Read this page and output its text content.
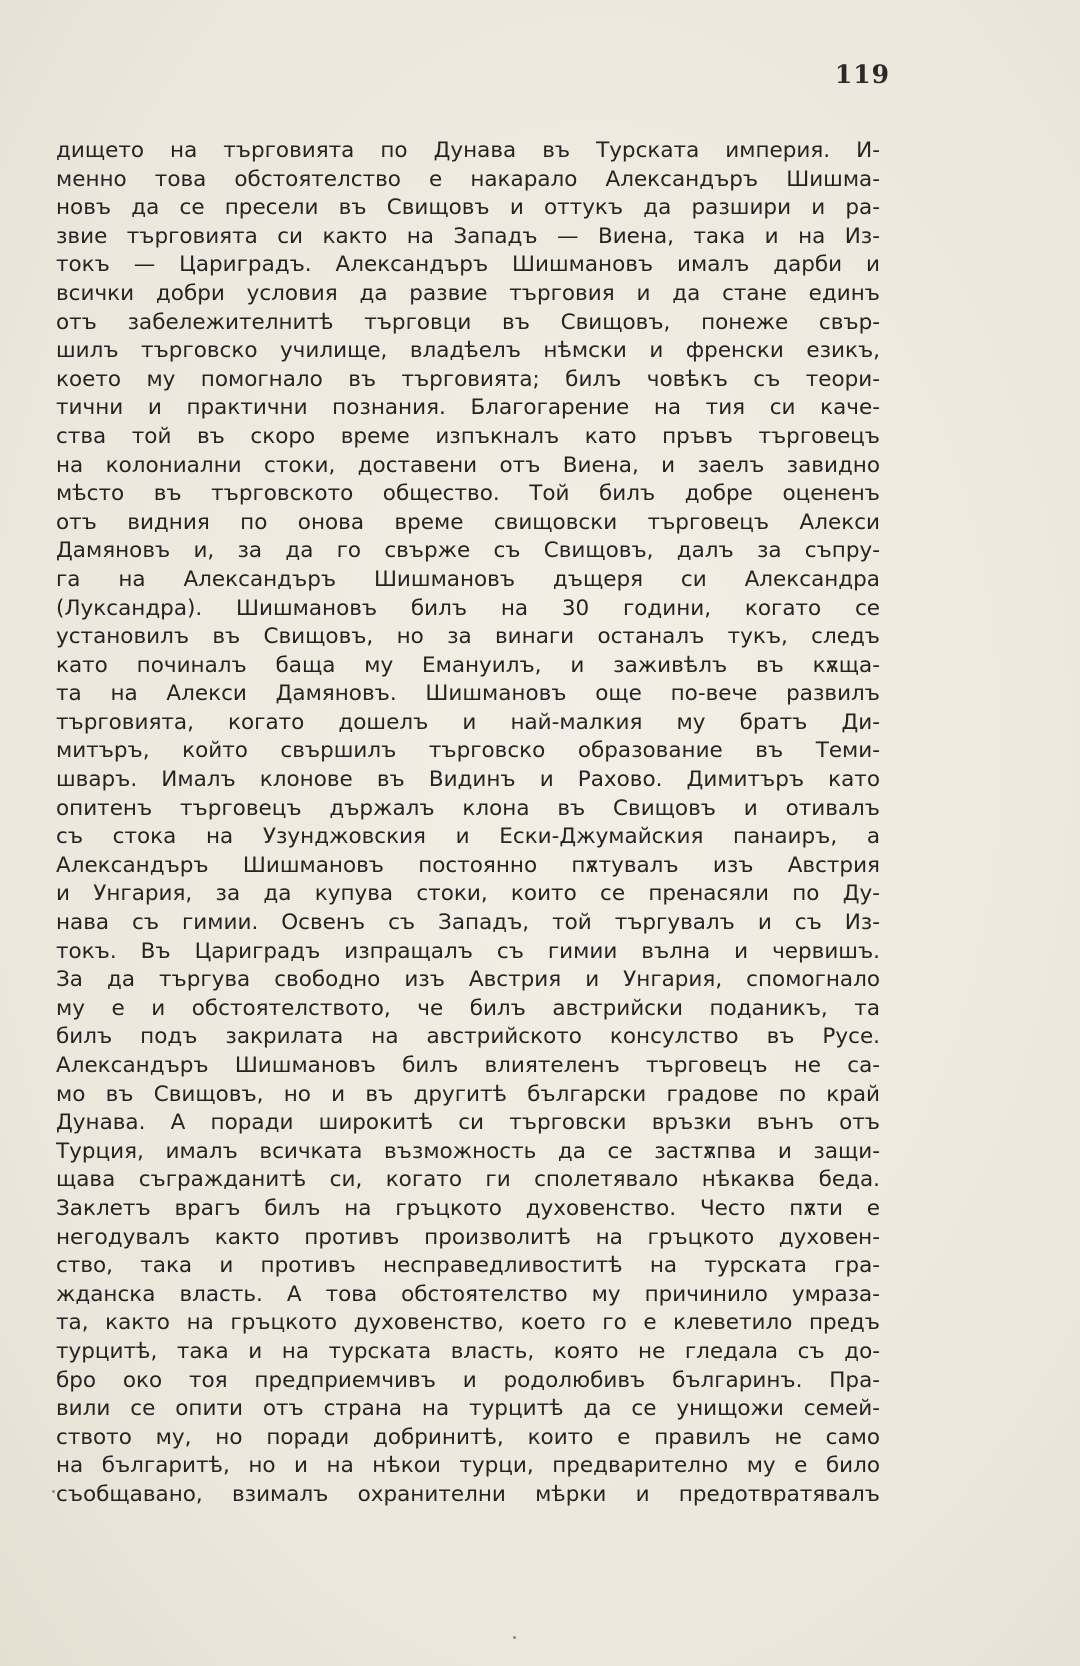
119
дището на търговията по Дунава въ Турската империя. И-
менно това обстоятелство е накарало Александъръ Шишма-
новъ да се пресели въ Свищовъ и оттукъ да разшири и ра-
звие търговията си както на Западъ — Виена, така и на Из-
токъ — Цариградъ. Александъръ Шишмановъ ималъ дарби и
всички добри условия да развие търговия и да стане единъ
отъ забележителнитѣ търговци въ Свищовъ, понеже свър-
шилъ търговско училище, владѣелъ нѣмски и френски езикъ,
което му помогнало въ търговията; билъ човѣкъ съ теори-
тични и практични познания. Благогарение на тия си каче-
ства той въ скоро време изпъкналъ като пръвъ търговецъ
на колониални стоки, доставени отъ Виена, и заелъ завидно
мѣсто въ търговското общество. Той билъ добре оцененъ
отъ видния по онова време свищовски търговецъ Алекси
Дамяновъ и, за да го свърже съ Свищовъ, далъ за съпру-
га на Александъръ Шишмановъ дъщеря си Александра
(Луксандра). Шишмановъ билъ на 30 години, когато се
установилъ въ Свищовъ, но за винаги останалъ тукъ, следъ
като починалъ баща му Емануилъ, и заживѣлъ въ кѫща-
та на Алекси Дамяновъ. Шишмановъ още по-вече развилъ
търговията, когато дошелъ и най-малкия му братъ Ди-
митъръ, който свършилъ търговско образование въ Теми-
шваръ. Ималъ клонове въ Видинъ и Рахово. Димитъръ като
опитенъ търговецъ държалъ клона въ Свищовъ и отивалъ
съ стока на Узунджовския и Ески-Джумайския панаиръ, а
Александъръ Шишмановъ постоянно пѫтувалъ изъ Австрия
и Унгария, за да купува стоки, които се пренасяли по Ду-
нава съ гимии. Освенъ съ Западъ, той търгувалъ и съ Из-
токъ. Въ Цариградъ изпращалъ съ гимии вълна и червишъ.
За да търгува свободно изъ Австрия и Унгария, спомогнало
му е и обстоятелството, че билъ австрийски поданикъ, та
билъ подъ закрилата на австрийското консулство въ Русе.
Александъръ Шишмановъ билъ влиятеленъ търговецъ не са-
мо въ Свищовъ, но и въ другитѣ български градове по край
Дунава. А поради широкитѣ си търговски връзки вънъ отъ
Турция, ималъ всичката възможность да се застѫпва и защи-
щава съгражданитѣ си, когато ги сполетявало нѣкаква беда.
Заклетъ врагъ билъ на гръцкото духовенство. Често пѫти е
негодувалъ както противъ произволитѣ на гръцкото духовен-
ство, така и противъ несправедливоститѣ на турската гра-
жданска власть. А това обстоятелство му причинило умраза-
та, както на гръцкото духовенство, което го е клеветило предъ
турцитѣ, така и на турската власть, която не гледала съ до-
бро око тоя предприемчивъ и родолюбивъ българинъ. Пра-
вили се опити отъ страна на турцитѣ да се унищожи семей-
ството му, но поради добринитѣ, които е правилъ не само
на българитѣ, но и на нѣкои турци, предварително му е било
съобщавано, взималъ охранителни мѣрки и предотвратявалъ
